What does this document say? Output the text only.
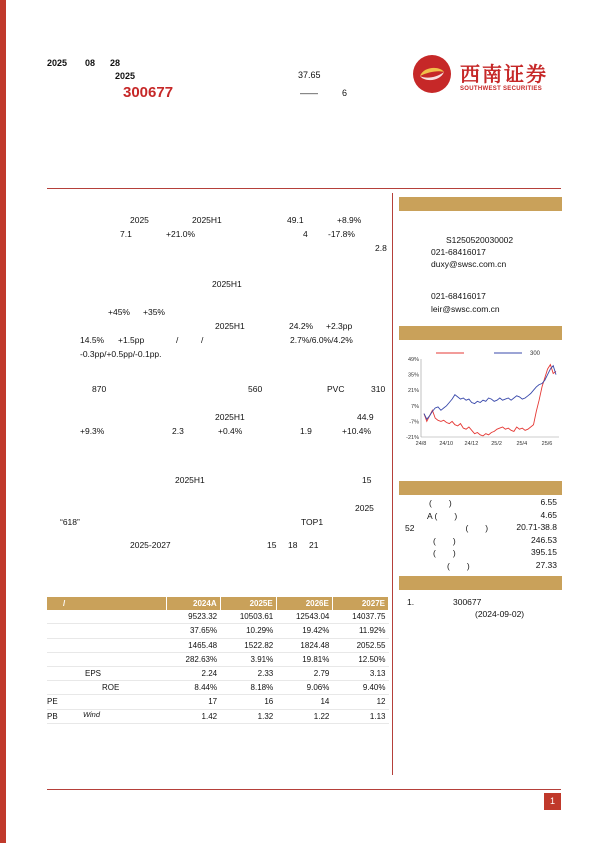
2025 08 28
2025
300677
37.65
——	6
西南证券
SOUTHWEST SECURITIES
2025	2025H1	49.1	+8.9%
7.1	+21.0%	4 -17.8%
2.8
2025H1
+45% +35%
2025H1	24.2% +2.3pp
14.5% +1.5pp	/	/	2.7%/6.0%/4.2%
-0.3pp/+0.5pp/-0.1pp.
870	560	PVC	310
2025H1	44.9
+9.3%	2.3	+0.4%	1.9	+10.4%
2025H1	15
2025
“618”	TOP1
2025-2027	15 18 21
S1250520030002
021-68416017
duxy@swsc.com.cn
021-68416017
leir@swsc.com.cn
49%
35%
21%
7%
-7%
-21%
24/8 24/10 24/12 25/2	25/4	25/6
300
(　　)	6.55
A (　　)	4.65
52　　　　　　(　　)	20.71-38.8
(　　)	246.53
(　　)	395.15
(　　)	27.33
1.	300677
(2024-09-02)
/	2024A	2025E	2026E	2027E
	9523.32	10503.61	12543.04	14037.75
	37.65%	10.29%	19.42%	11.92%
	1465.48	1522.82	1824.48	2052.55
	282.63%	3.91%	19.81%	12.50%
EPS	2.24	2.33	2.79	3.13
ROE	8.44%	8.18%	9.06%	9.40%
PE	17	16	14	12
PB	1.42	1.32	1.22	1.13
Wind
1
